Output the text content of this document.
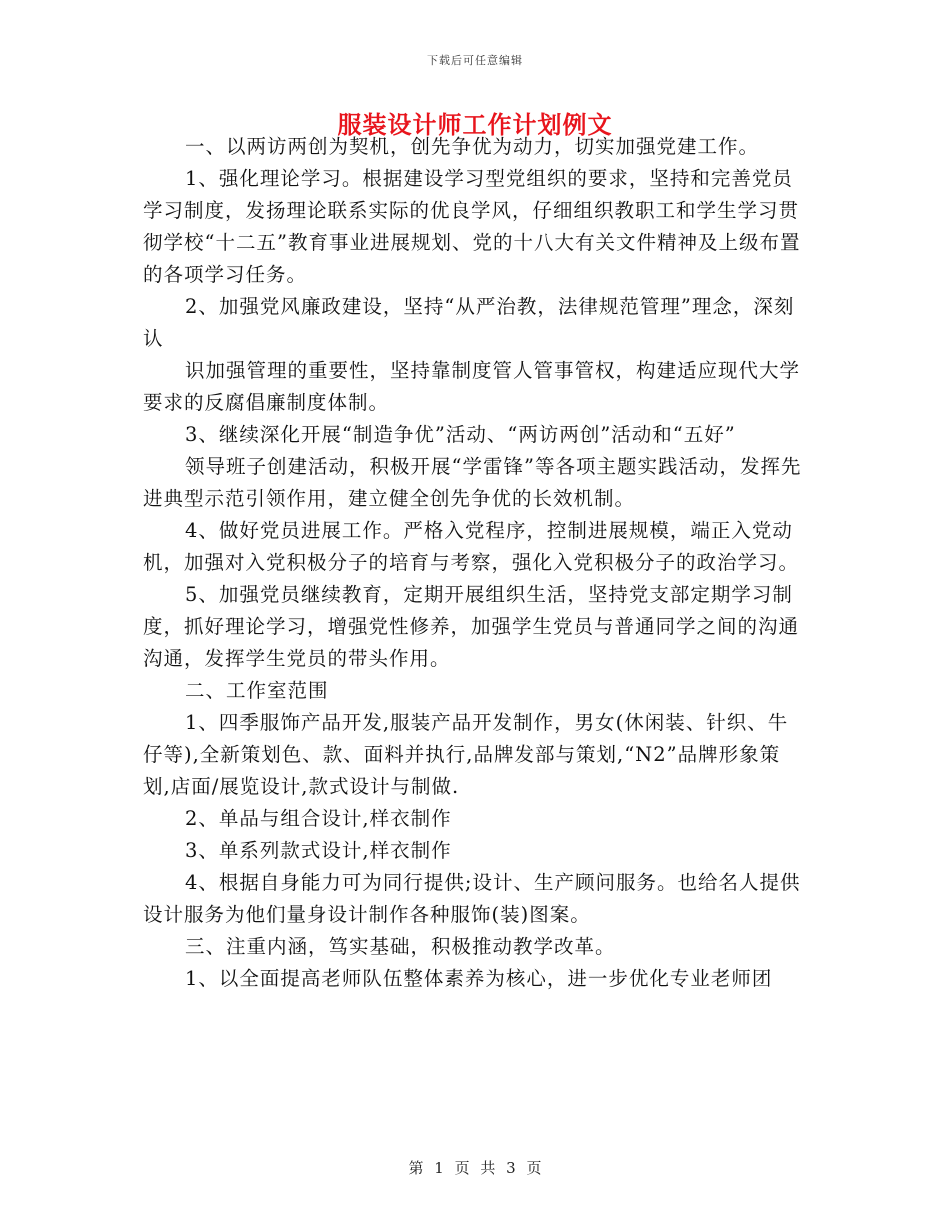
下载后可任意编辑
服装设计师工作计划例文

一、以两访两创为契机，创先争优为动力，切实加强党建工作。

1、强化理论学习。根据建设学习型党组织的要求，坚持和完善党员学习制度，发扬理论联系实际的优良学风，仔细组织教职工和学生学习贯彻学校“十二五”教育事业进展规划、党的十八大有关文件精神及上级布置的各项学习任务。

2、加强党风廉政建设，坚持“从严治教，法律规范管理”理念，深刻认

识加强管理的重要性，坚持靠制度管人管事管权，构建适应现代大学要求的反腐倡廉制度体制。

3、继续深化开展“制造争优”活动、“两访两创”活动和“五好”

领导班子创建活动，积极开展“学雷锋”等各项主题实践活动，发挥先进典型示范引领作用，建立健全创先争优的长效机制。

4、做好党员进展工作。严格入党程序，控制进展规模，端正入党动机，加强对入党积极分子的培育与考察，强化入党积极分子的政治学习。

5、加强党员继续教育，定期开展组织生活，坚持党支部定期学习制度，抓好理论学习，增强党性修养，加强学生党员与普通同学之间的沟通沟通，发挥学生党员的带头作用。

二、工作室范围

1、四季服饰产品开发,服装产品开发制作，男女(休闲装、针织、牛仔等),全新策划色、款、面料并执行,品牌发部与策划,“N2”品牌形象策划,店面/展览设计,款式设计与制做.

2、单品与组合设计,样衣制作

3、单系列款式设计,样衣制作

4、根据自身能力可为同行提供;设计、生产顾问服务。也给名人提供设计服务为他们量身设计制作各种服饰(装)图案。

三、注重内涵，笃实基础，积极推动教学改革。

1、以全面提高老师队伍整体素养为核心，进一步优化专业老师团

第 1 页 共 3 页
